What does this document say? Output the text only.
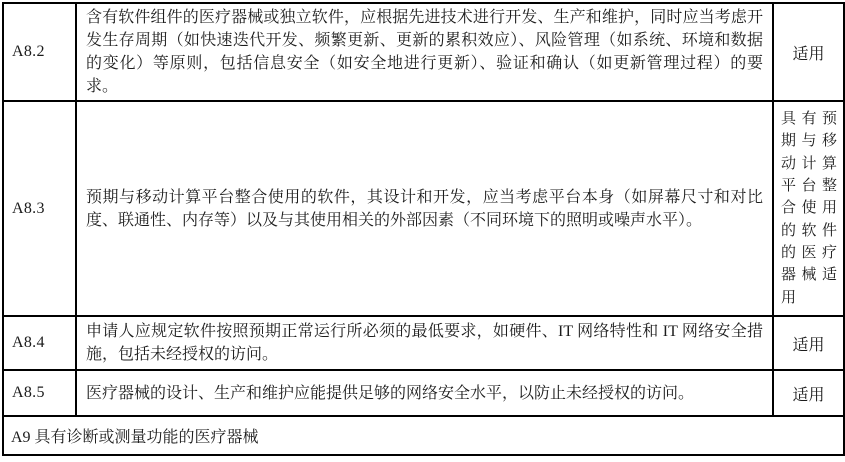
A8.2	含有软件组件的医疗器械或独立软件，应根据先进技术进行开发、生产和维护，同时应当考虑开发生存周期（如快速迭代开发、频繁更新、更新的累积效应）、风险管理（如系统、环境和数据的变化）等原则，包括信息安全（如安全地进行更新）、验证和确认（如更新管理过程）的要求。	适用
A8.3	预期与移动计算平台整合使用的软件，其设计和开发，应当考虑平台本身（如屏幕尺寸和对比度、联通性、内存等）以及与其使用相关的外部因素（不同环境下的照明或噪声水平）。	具有预期与移动计算平台整合使用的软件的医疗器械适用
A8.4	申请人应规定软件按照预期正常运行所必须的最低要求，如硬件、IT 网络特性和 IT 网络安全措施，包括未经授权的访问。	适用
A8.5	医疗器械的设计、生产和维护应能提供足够的网络安全水平，以防止未经授权的访问。	适用
A9 具有诊断或测量功能的医疗器械		
